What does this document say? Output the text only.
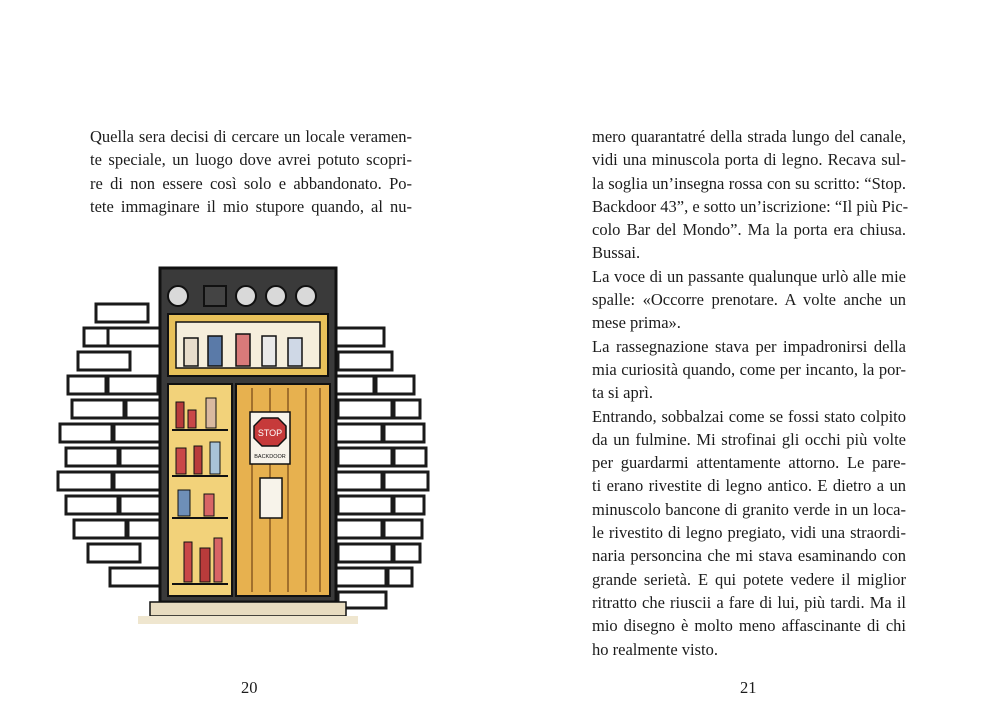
Quella sera decisi di cercare un locale veramen-
te speciale, un luogo dove avrei potuto scopri-
re di non essere così solo e abbandonato. Po-
tete immaginare il mio stupore quando, al nu-
STOP
BACKDOOR
20
mero quarantatré della strada lungo del canale,
vidi una minuscola porta di legno. Recava sul-
la soglia un’insegna rossa con su scritto: “Stop.
Backdoor 43”, e sotto un’iscrizione: “Il più Pic-
colo Bar del Mondo”. Ma la porta era chiusa.
Bussai.
La voce di un passante qualunque urlò alle mie
spalle: «Occorre prenotare. A volte anche un
mese prima».
La rassegnazione stava per impadronirsi della
mia curiosità quando, come per incanto, la por-
ta si aprì.
Entrando, sobbalzai come se fossi stato colpito
da un fulmine. Mi strofinai gli occhi più volte
per guardarmi attentamente attorno. Le pare-
ti erano rivestite di legno antico. E dietro a un
minuscolo bancone di granito verde in un loca-
le rivestito di legno pregiato, vidi una straordi-
naria personcina che mi stava esaminando con
grande serietà. E qui potete vedere il miglior
ritratto che riuscii a fare di lui, più tardi. Ma il
mio disegno è molto meno affascinante di chi
ho realmente visto.
21
